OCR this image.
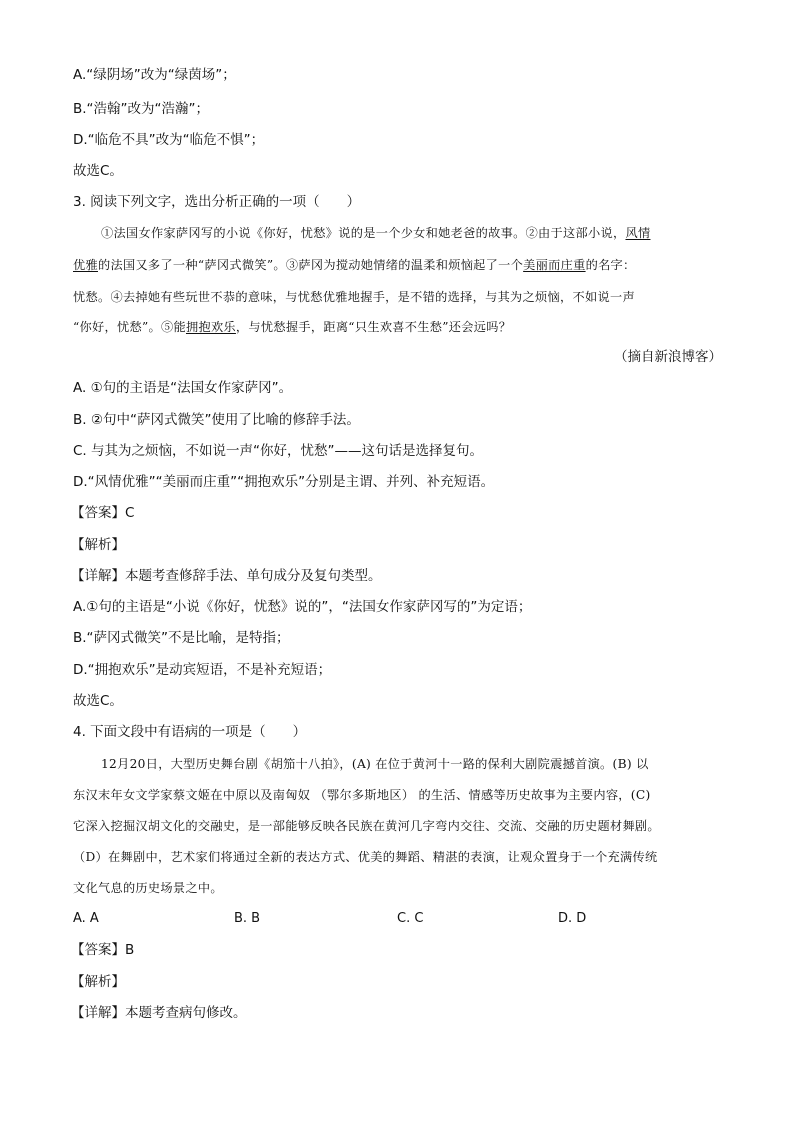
A.“绿阴场”改为“绿茵场”；
B.“浩翰”改为“浩瀚”；
D.“临危不具”改为“临危不惧”；
故选C。
3. 阅读下列文字，选出分析正确的一项（　　）
①法国女作家萨冈写的小说《你好，忧愁》说的是一个少女和她老爸的故事。②由于这部小说，风情
优雅的法国又多了一种“萨冈式微笑”。③萨冈为搅动她情绪的温柔和烦恼起了一个美丽而庄重的名字：
忧愁。④去掉她有些玩世不恭的意味，与忧愁优雅地握手，是不错的选择，与其为之烦恼，不如说一声
“你好，忧愁”。⑤能拥抱欢乐，与忧愁握手，距离“只生欢喜不生愁”还会远吗？
（摘自新浪博客）
A. ①句的主语是“法国女作家萨冈”。
B. ②句中“萨冈式微笑”使用了比喻的修辞手法。
C. 与其为之烦恼，不如说一声“你好，忧愁”——这句话是选择复句。
D.“风情优雅”“美丽而庄重”“拥抱欢乐”分别是主谓、并列、补充短语。
【答案】C
【解析】
【详解】本题考查修辞手法、单句成分及复句类型。
A.①句的主语是“小说《你好，忧愁》说的”，“法国女作家萨冈写的”为定语；
B.“萨冈式微笑”不是比喻，是特指；
D.“拥抱欢乐”是动宾短语，不是补充短语；
故选C。
4. 下面文段中有语病的一项是（　　）
12月20日，大型历史舞台剧《胡笳十八拍》，(A) 在位于黄河十一路的保利大剧院震撼首演。(B) 以
东汉末年女文学家蔡文姬在中原以及南匈奴 （鄂尔多斯地区） 的生活、情感等历史故事为主要内容，(C)
它深入挖掘汉胡文化的交融史，是一部能够反映各民族在黄河几字弯内交往、交流、交融的历史题材舞剧。
（D）在舞剧中，艺术家们将通过全新的表达方式、优美的舞蹈、精湛的表演，让观众置身于一个充满传统
文化气息的历史场景之中。
A. A	B. B	C. C	D. D
【答案】B
【解析】
【详解】本题考查病句修改。
